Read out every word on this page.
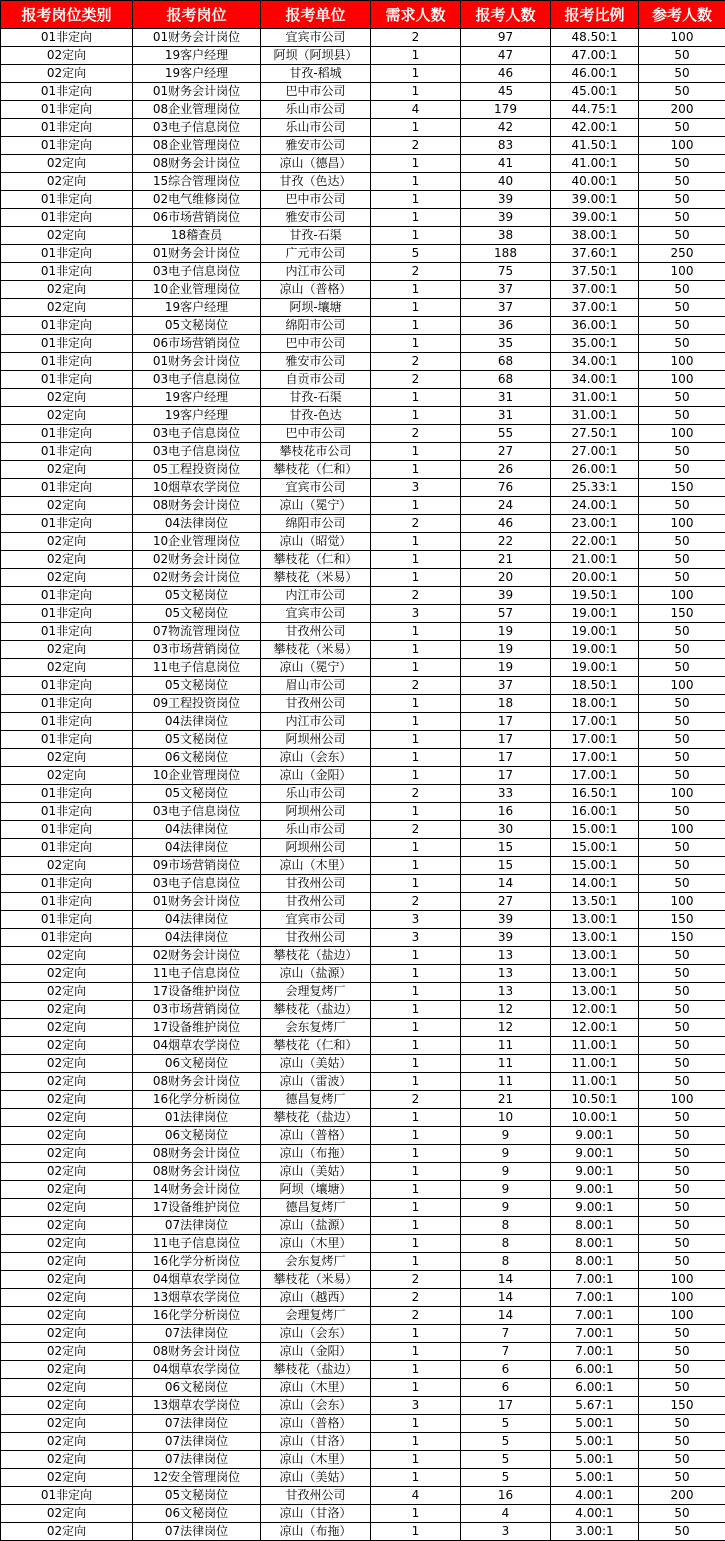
报考岗位类别	报考岗位	报考单位	需求人数	报考人数	报考比例	参考人数
01非定向	01财务会计岗位	宜宾市公司	2	97	48.50:1	100
02定向	19客户经理	阿坝（阿坝县）	1	47	47.00:1	50
02定向	19客户经理	甘孜-稻城	1	46	46.00:1	50
01非定向	01财务会计岗位	巴中市公司	1	45	45.00:1	50
01非定向	08企业管理岗位	乐山市公司	4	179	44.75:1	200
01非定向	03电子信息岗位	乐山市公司	1	42	42.00:1	50
01非定向	08企业管理岗位	雅安市公司	2	83	41.50:1	100
02定向	08财务会计岗位	凉山（德昌）	1	41	41.00:1	50
02定向	15综合管理岗位	甘孜（色达）	1	40	40.00:1	50
01非定向	02电气维修岗位	巴中市公司	1	39	39.00:1	50
01非定向	06市场营销岗位	雅安市公司	1	39	39.00:1	50
02定向	18稽查员	甘孜-石渠	1	38	38.00:1	50
01非定向	01财务会计岗位	广元市公司	5	188	37.60:1	250
01非定向	03电子信息岗位	内江市公司	2	75	37.50:1	100
02定向	10企业管理岗位	凉山（普格）	1	37	37.00:1	50
02定向	19客户经理	阿坝-壤塘	1	37	37.00:1	50
01非定向	05文秘岗位	绵阳市公司	1	36	36.00:1	50
01非定向	06市场营销岗位	巴中市公司	1	35	35.00:1	50
01非定向	01财务会计岗位	雅安市公司	2	68	34.00:1	100
01非定向	03电子信息岗位	自贡市公司	2	68	34.00:1	100
02定向	19客户经理	甘孜-石渠	1	31	31.00:1	50
02定向	19客户经理	甘孜-色达	1	31	31.00:1	50
01非定向	03电子信息岗位	巴中市公司	2	55	27.50:1	100
01非定向	03电子信息岗位	攀枝花市公司	1	27	27.00:1	50
02定向	05工程投资岗位	攀枝花（仁和）	1	26	26.00:1	50
01非定向	10烟草农学岗位	宜宾市公司	3	76	25.33:1	150
02定向	08财务会计岗位	凉山（冕宁）	1	24	24.00:1	50
01非定向	04法律岗位	绵阳市公司	2	46	23.00:1	100
02定向	10企业管理岗位	凉山（昭觉）	1	22	22.00:1	50
02定向	02财务会计岗位	攀枝花（仁和）	1	21	21.00:1	50
02定向	02财务会计岗位	攀枝花（米易）	1	20	20.00:1	50
01非定向	05文秘岗位	内江市公司	2	39	19.50:1	100
01非定向	05文秘岗位	宜宾市公司	3	57	19.00:1	150
01非定向	07物流管理岗位	甘孜州公司	1	19	19.00:1	50
02定向	03市场营销岗位	攀枝花（米易）	1	19	19.00:1	50
02定向	11电子信息岗位	凉山（冕宁）	1	19	19.00:1	50
01非定向	05文秘岗位	眉山市公司	2	37	18.50:1	100
01非定向	09工程投资岗位	甘孜州公司	1	18	18.00:1	50
01非定向	04法律岗位	内江市公司	1	17	17.00:1	50
01非定向	05文秘岗位	阿坝州公司	1	17	17.00:1	50
02定向	06文秘岗位	凉山（会东）	1	17	17.00:1	50
02定向	10企业管理岗位	凉山（金阳）	1	17	17.00:1	50
01非定向	05文秘岗位	乐山市公司	2	33	16.50:1	100
01非定向	03电子信息岗位	阿坝州公司	1	16	16.00:1	50
01非定向	04法律岗位	乐山市公司	2	30	15.00:1	100
01非定向	04法律岗位	阿坝州公司	1	15	15.00:1	50
02定向	09市场营销岗位	凉山（木里）	1	15	15.00:1	50
01非定向	03电子信息岗位	甘孜州公司	1	14	14.00:1	50
01非定向	01财务会计岗位	甘孜州公司	2	27	13.50:1	100
01非定向	04法律岗位	宜宾市公司	3	39	13.00:1	150
01非定向	04法律岗位	甘孜州公司	3	39	13.00:1	150
02定向	02财务会计岗位	攀枝花（盐边）	1	13	13.00:1	50
02定向	11电子信息岗位	凉山（盐源）	1	13	13.00:1	50
02定向	17设备维护岗位	会理复烤厂	1	13	13.00:1	50
02定向	03市场营销岗位	攀枝花（盐边）	1	12	12.00:1	50
02定向	17设备维护岗位	会东复烤厂	1	12	12.00:1	50
02定向	04烟草农学岗位	攀枝花（仁和）	1	11	11.00:1	50
02定向	06文秘岗位	凉山（美姑）	1	11	11.00:1	50
02定向	08财务会计岗位	凉山（雷波）	1	11	11.00:1	50
02定向	16化学分析岗位	德昌复烤厂	2	21	10.50:1	100
02定向	01法律岗位	攀枝花（盐边）	1	10	10.00:1	50
02定向	06文秘岗位	凉山（普格）	1	9	9.00:1	50
02定向	08财务会计岗位	凉山（布拖）	1	9	9.00:1	50
02定向	08财务会计岗位	凉山（美姑）	1	9	9.00:1	50
02定向	14财务会计岗位	阿坝（壤塘）	1	9	9.00:1	50
02定向	17设备维护岗位	德昌复烤厂	1	9	9.00:1	50
02定向	07法律岗位	凉山（盐源）	1	8	8.00:1	50
02定向	11电子信息岗位	凉山（木里）	1	8	8.00:1	50
02定向	16化学分析岗位	会东复烤厂	1	8	8.00:1	50
02定向	04烟草农学岗位	攀枝花（米易）	2	14	7.00:1	100
02定向	13烟草农学岗位	凉山（越西）	2	14	7.00:1	100
02定向	16化学分析岗位	会理复烤厂	2	14	7.00:1	100
02定向	07法律岗位	凉山（会东）	1	7	7.00:1	50
02定向	08财务会计岗位	凉山（金阳）	1	7	7.00:1	50
02定向	04烟草农学岗位	攀枝花（盐边）	1	6	6.00:1	50
02定向	06文秘岗位	凉山（木里）	1	6	6.00:1	50
02定向	13烟草农学岗位	凉山（会东）	3	17	5.67:1	150
02定向	07法律岗位	凉山（普格）	1	5	5.00:1	50
02定向	07法律岗位	凉山（甘洛）	1	5	5.00:1	50
02定向	07法律岗位	凉山（木里）	1	5	5.00:1	50
02定向	12安全管理岗位	凉山（美姑）	1	5	5.00:1	50
01非定向	05文秘岗位	甘孜州公司	4	16	4.00:1	200
02定向	06文秘岗位	凉山（甘洛）	1	4	4.00:1	50
02定向	07法律岗位	凉山（布拖）	1	3	3.00:1	50
